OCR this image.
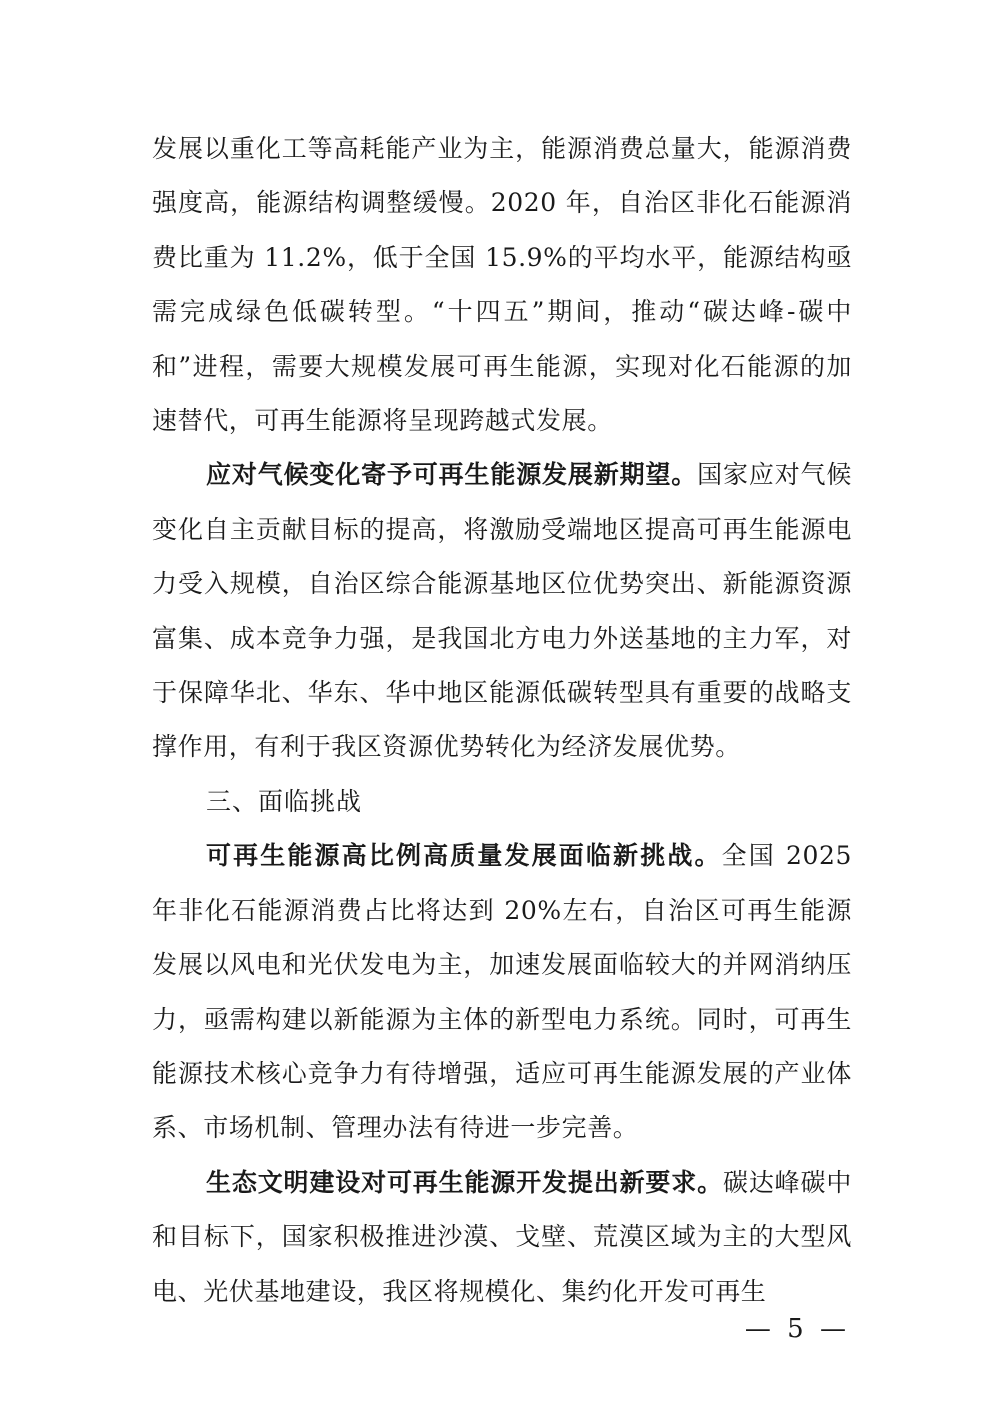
发展以重化工等高耗能产业为主，能源消费总量大，能源消费强度高，能源结构调整缓慢。2020 年，自治区非化石能源消费比重为 11.2%，低于全国 15.9%的平均水平，能源结构亟需完成绿色低碳转型。“十四五”期间，推动“碳达峰-碳中和”进程，需要大规模发展可再生能源，实现对化石能源的加速替代，可再生能源将呈现跨越式发展。

应对气候变化寄予可再生能源发展新期望。国家应对气候变化自主贡献目标的提高，将激励受端地区提高可再生能源电力受入规模，自治区综合能源基地区位优势突出、新能源资源富集、成本竞争力强，是我国北方电力外送基地的主力军，对于保障华北、华东、华中地区能源低碳转型具有重要的战略支撑作用，有利于我区资源优势转化为经济发展优势。

三、面临挑战

可再生能源高比例高质量发展面临新挑战。全国 2025 年非化石能源消费占比将达到 20%左右，自治区可再生能源发展以风电和光伏发电为主，加速发展面临较大的并网消纳压力，亟需构建以新能源为主体的新型电力系统。同时，可再生能源技术核心竞争力有待增强，适应可再生能源发展的产业体系、市场机制、管理办法有待进一步完善。

生态文明建设对可再生能源开发提出新要求。碳达峰碳中和目标下，国家积极推进沙漠、戈壁、荒漠区域为主的大型风电、光伏基地建设，我区将规模化、集约化开发可再生

— 5 —
